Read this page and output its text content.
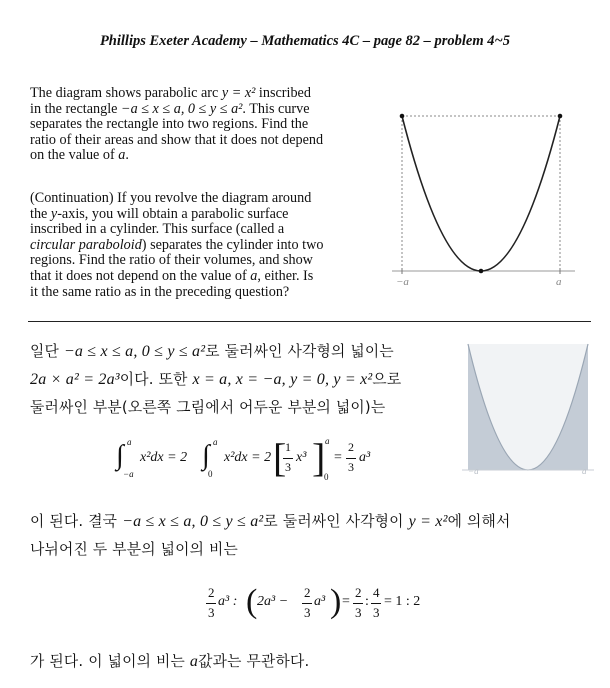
Phillips Exeter Academy – Mathematics 4C – page 82 – problem 4~5
The diagram shows parabolic arc y = x² inscribed
in the rectangle −a ≤ x ≤ a, 0 ≤ y ≤ a². This curve
separates the rectangle into two regions. Find the
ratio of their areas and show that it does not depend
on the value of a.
(Continuation) If you revolve the diagram around
the y-axis, you will obtain a parabolic surface
inscribed in a cylinder. This surface (called a
circular paraboloid) separates the cylinder into two
regions. Find the ratio of their volumes, and show
that it does not depend on the value of a, either. Is
it the same ratio as in the preceding question?
−a	a
일단 −a ≤ x ≤ a, 0 ≤ y ≤ a²로 둘러싸인 사각형의 넓이는
2a × a² = 2a³이다. 또한 x = a, x = −a, y = 0, y = x²으로
둘러싸인 부분(오른쪽 그림에서 어두운 부분의 넓이)는
−a	a
∫ a
−a
x²dx = 2 ∫ a
0
x²dx = 2 [
1
3
x³ ] a
0
=
2
3
a³
이 된다. 결국 −a ≤ x ≤ a, 0 ≤ y ≤ a²로 둘러싸인 사각형이 y = x²에 의해서
나뉘어진 두 부분의 넓이의 비는
2
3
a³ : ( 2a³ −
2
3
a³ ) =
2
3
:
4
3
= 1 : 2
가 된다. 이 넓이의 비는 a값과는 무관하다.
